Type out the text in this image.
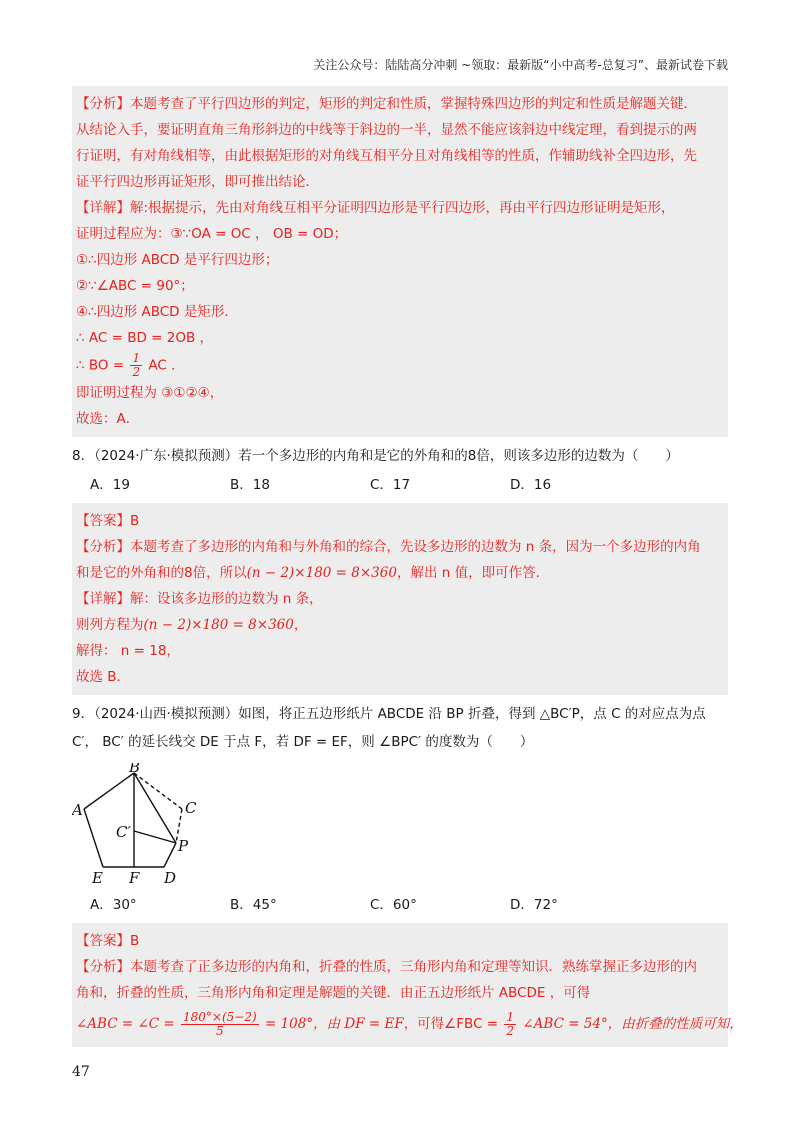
关注公众号：陆陆高分冲刺 ~领取：最新版“小中高考-总复习”、最新试卷下载
【分析】本题考查了平行四边形的判定，矩形的判定和性质，掌握特殊四边形的判定和性质是解题关键．
从结论入手，要证明直角三角形斜边的中线等于斜边的一半，显然不能应该斜边中线定理，看到提示的两
行证明，有对角线相等，由此根据矩形的对角线互相平分且对角线相等的性质，作辅助线补全四边形，先
证平行四边形再证矩形，即可推出结论．
【详解】解:根据提示，先由对角线互相平分证明四边形是平行四边形，再由平行四边形证明是矩形，
证明过程应为：③∵OA = OC ， OB = OD；
①∴四边形 ABCD 是平行四边形；
②∵∠ABC = 90°；
④∴四边形 ABCD 是矩形．
∴ AC = BD = 2OB ，
∴ BO = $\frac{1}{2}$ AC ．
即证明过程为 ③①②④，
故选：A．
8．（2024·广东·模拟预测）若一个多边形的内角和是它的外角和的8倍，则该多边形的边数为（　　）
A．19	B．18	C．17	D．16
【答案】B
【分析】本题考查了多边形的内角和与外角和的综合，先设多边形的边数为 n 条，因为一个多边形的内角
和是它的外角和的8倍，所以(n − 2)×180 = 8×360，解出 n 值，即可作答．
【详解】解：设该多边形的边数为 n 条，
则列方程为(n − 2)×180 = 8×360，
解得： n = 18，
故选 B．
9．（2024·山西·模拟预测）如图，将正五边形纸片 ABCDE 沿 BP 折叠，得到 △BC′P，点 C 的对应点为点
C′， BC′ 的延长线交 DE 于点 F，若 DF = EF，则 ∠BPC′ 的度数为（　　）
B
A	C
C′
P
D
E F
A．30°	B．45°	C．60°	D．72°
【答案】B
【分析】本题考查了正多边形的内角和，折叠的性质，三角形内角和定理等知识．熟练掌握正多边形的内
角和，折叠的性质，三角形内角和定理是解题的关键．由正五边形纸片 ABCDE ，可得
∠ABC = ∠C = $\frac{180^\circ\times(5-2)}{5} = 108^\circ$，由 DF = EF，可得∠FBC = $\frac{1}{2}$ ∠ABC = 54°，由折叠的性质可知，
47
